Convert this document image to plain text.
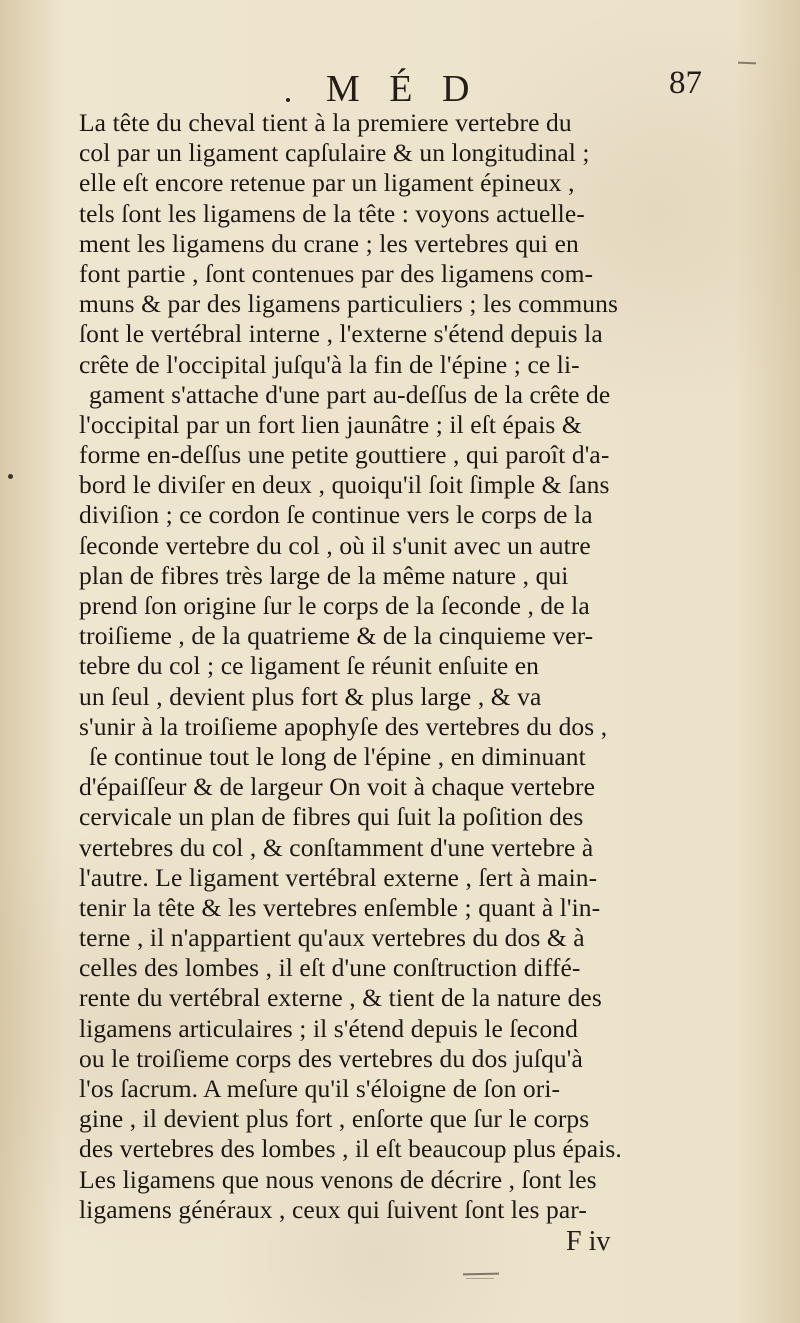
M É D	87
La tête du cheval tient à la premiere vertebre du
col par un ligament capſulaire & un longitudinal ;
elle eſt encore retenue par un ligament épineux ,
tels ſont les ligamens de la tête : voyons actuelle-
ment les ligamens du crane ; les vertebres qui en
font partie , ſont contenues par des ligamens com-
muns & par des ligamens particuliers ; les communs
ſont le vertébral interne , l'externe s'étend depuis la
crête de l'occipital juſqu'à la fin de l'épine ; ce li-
gament s'attache d'une part au-deſſus de la crête de
l'occipital par un fort lien jaunâtre ; il eſt épais &
forme en-deſſus une petite gouttiere , qui paroît d'a-
bord le diviſer en deux , quoiqu'il ſoit ſimple & ſans
diviſion ; ce cordon ſe continue vers le corps de la
ſeconde vertebre du col , où il s'unit avec un autre
plan de fibres très large de la même nature , qui
prend ſon origine ſur le corps de la ſeconde , de la
troiſieme , de la quatrieme & de la cinquieme ver-
tebre du col ; ce ligament ſe réunit enſuite en
un ſeul , devient plus fort & plus large , & va
s'unir à la troiſieme apophyſe des vertebres du dos ,
ſe continue tout le long de l'épine , en diminuant
d'épaiſſeur & de largeur On voit à chaque vertebre
cervicale un plan de fibres qui ſuit la poſition des
vertebres du col , & conſtamment d'une vertebre à
l'autre. Le ligament vertébral externe , ſert à main-
tenir la tête & les vertebres enſemble ; quant à l'in-
terne , il n'appartient qu'aux vertebres du dos & à
celles des lombes , il eſt d'une conſtruction diffé-
rente du vertébral externe , & tient de la nature des
ligamens articulaires ; il s'étend depuis le ſecond
ou le troiſieme corps des vertebres du dos juſqu'à
l'os ſacrum. A meſure qu'il s'éloigne de ſon ori-
gine , il devient plus fort , enſorte que ſur le corps
des vertebres des lombes , il eſt beaucoup plus épais.
Les ligamens que nous venons de décrire , ſont les
ligamens généraux , ceux qui ſuivent ſont les par-
F iv
